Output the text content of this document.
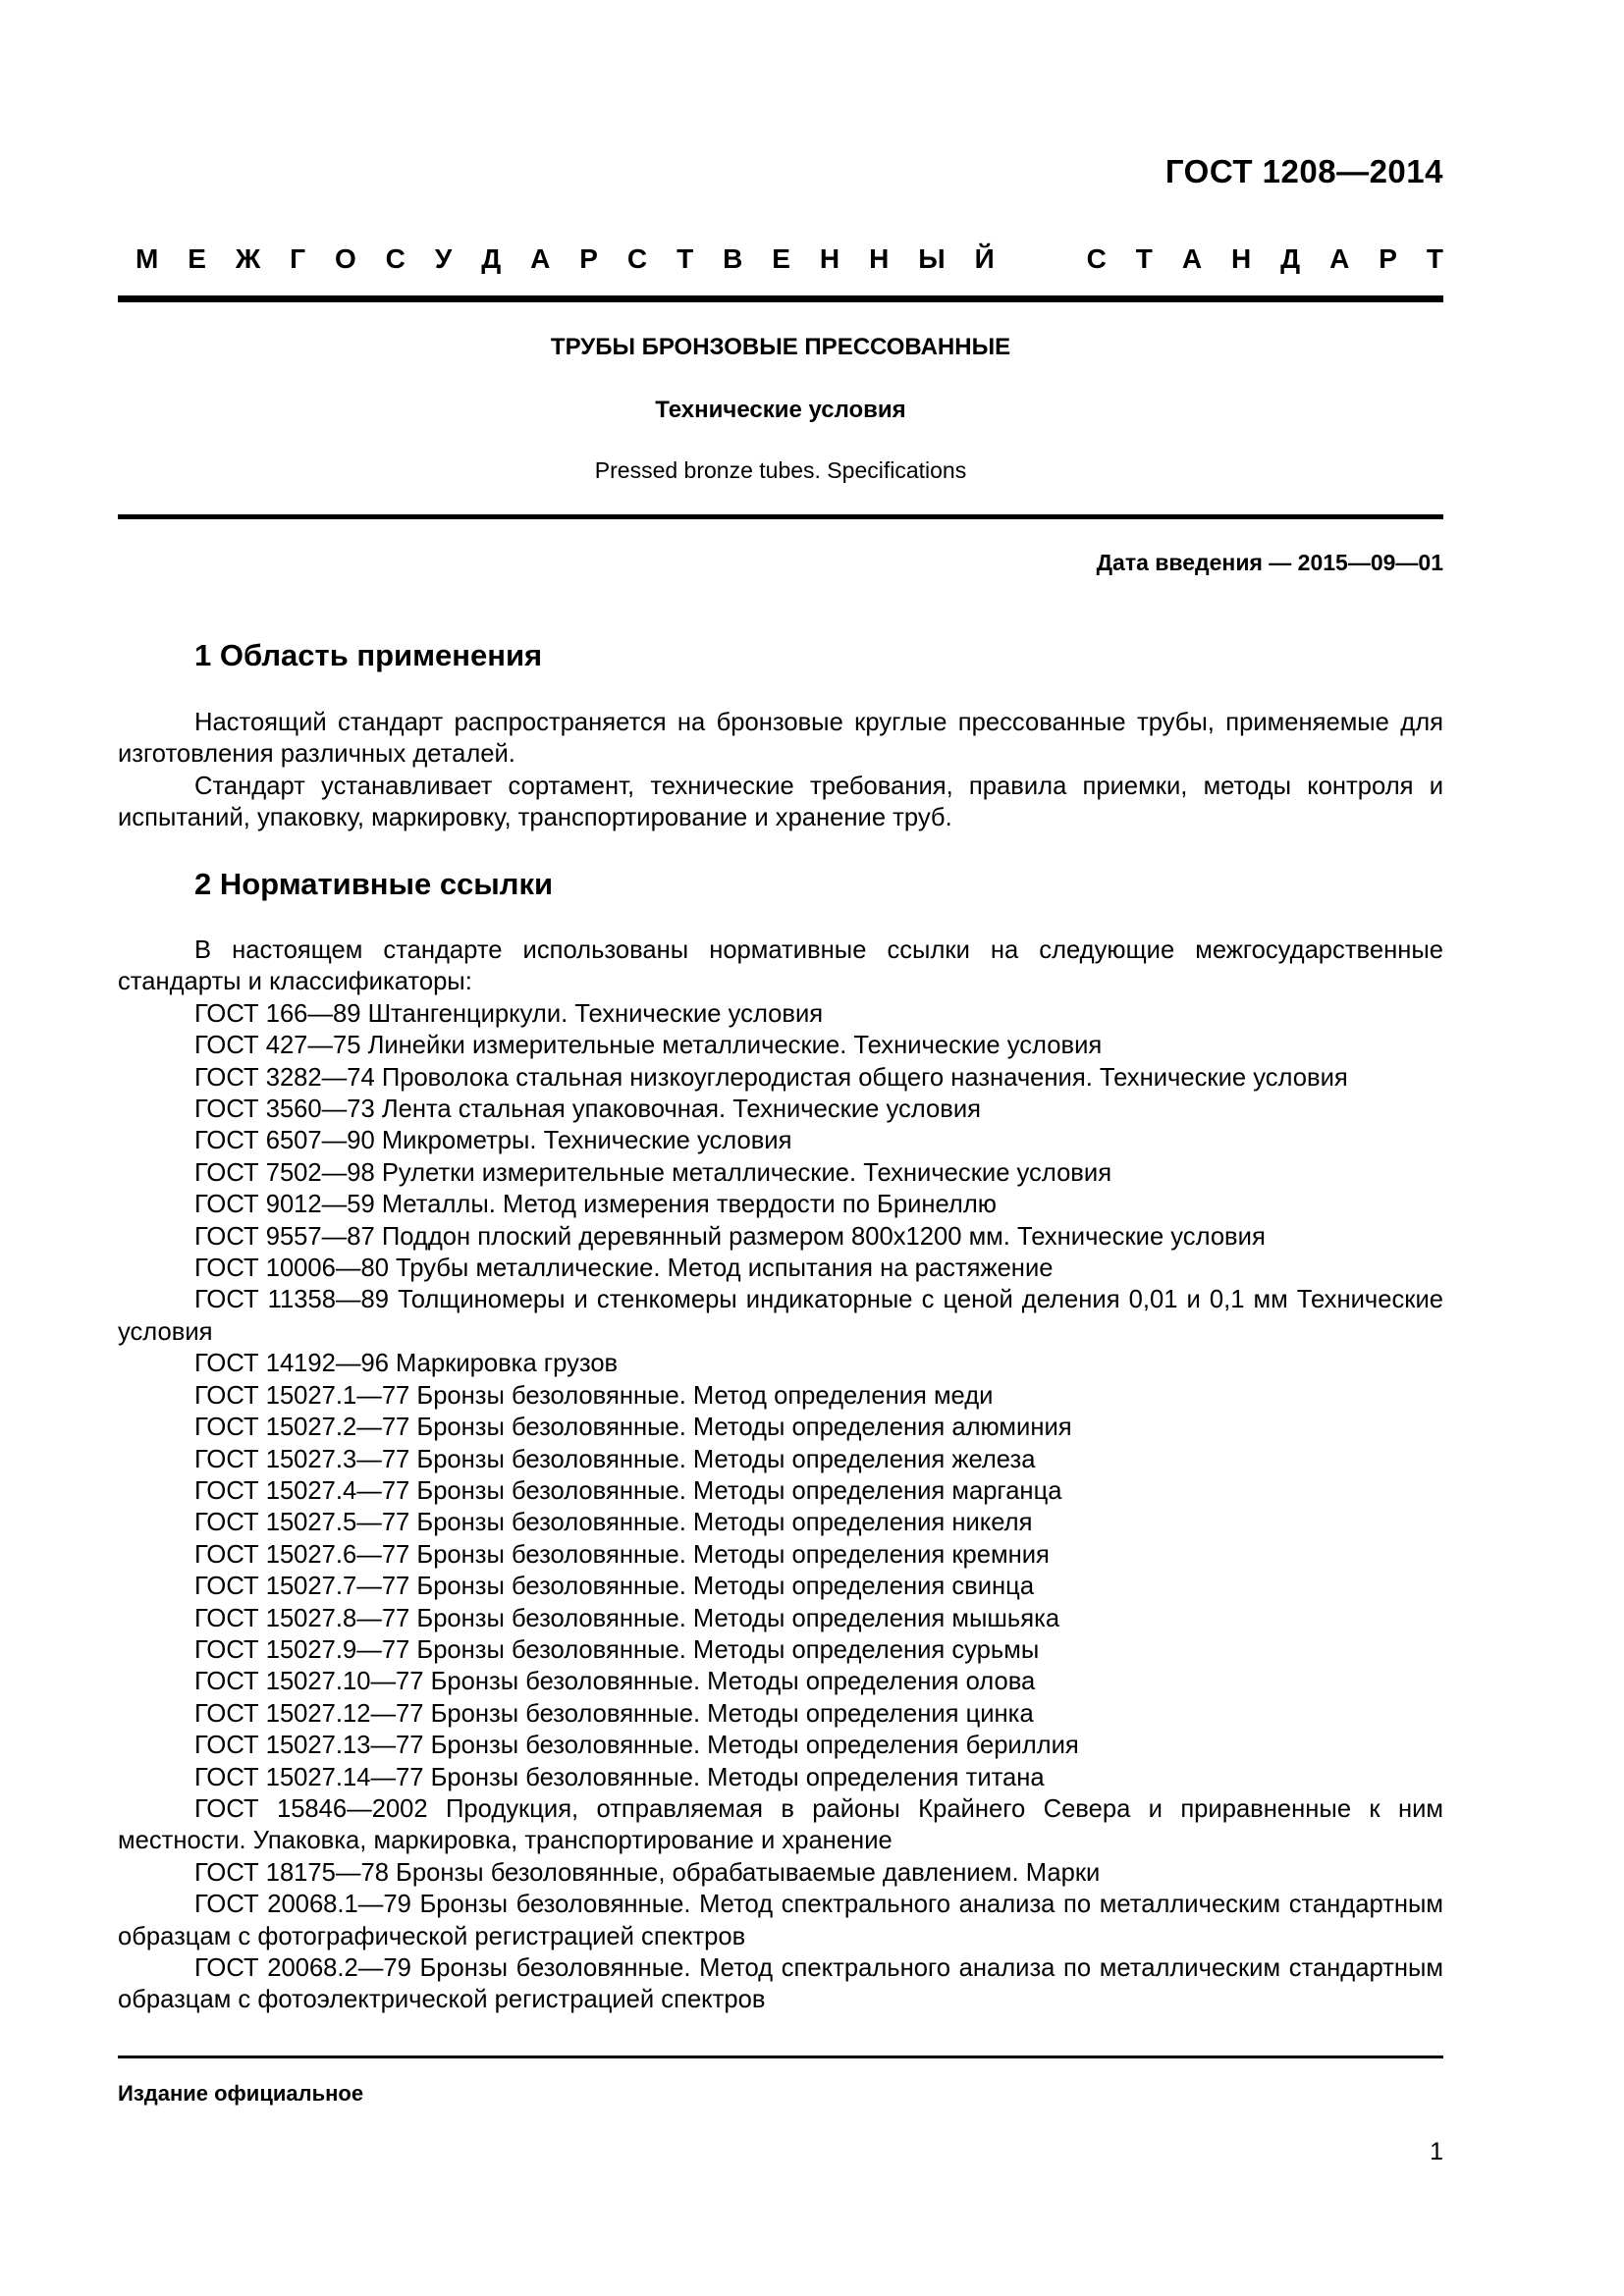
ГОСТ 1208—2014
М Е Ж Г О С У Д А Р С Т В Е Н Н Ы Й	С Т А Н Д А Р Т
ТРУБЫ БРОНЗОВЫЕ ПРЕССОВАННЫЕ
Технические условия
Pressed bronze tubes. Specifications
Дата введения — 2015—09—01
1 Область применения

Настоящий стандарт распространяется на бронзовые круглые прессованные трубы, применяемые для изготовления различных деталей.

Стандарт устанавливает сортамент, технические требования, правила приемки, методы контроля и испытаний, упаковку, маркировку, транспортирование и хранение труб.

2 Нормативные ссылки

В настоящем стандарте использованы нормативные ссылки на следующие межгосударственные стандарты и классификаторы:

ГОСТ 166—89 Штангенциркули. Технические условия

ГОСТ 427—75 Линейки измерительные металлические. Технические условия

ГОСТ 3282—74 Проволока стальная низкоуглеродистая общего назначения. Технические условия

ГОСТ 3560—73 Лента стальная упаковочная. Технические условия

ГОСТ 6507—90 Микрометры. Технические условия

ГОСТ 7502—98 Рулетки измерительные металлические. Технические условия

ГОСТ 9012—59 Металлы. Метод измерения твердости по Бринеллю

ГОСТ 9557—87 Поддон плоский деревянный размером 800х1200 мм. Технические условия

ГОСТ 10006—80 Трубы металлические. Метод испытания на растяжение

ГОСТ 11358—89 Толщиномеры и стенкомеры индикаторные с ценой деления 0,01 и 0,1 мм Технические условия

ГОСТ 14192—96 Маркировка грузов

ГОСТ 15027.1—77 Бронзы безоловянные. Метод определения меди

ГОСТ 15027.2—77 Бронзы безоловянные. Методы определения алюминия

ГОСТ 15027.3—77 Бронзы безоловянные. Методы определения железа

ГОСТ 15027.4—77 Бронзы безоловянные. Методы определения марганца

ГОСТ 15027.5—77 Бронзы безоловянные. Методы определения никеля

ГОСТ 15027.6—77 Бронзы безоловянные. Методы определения кремния

ГОСТ 15027.7—77 Бронзы безоловянные. Методы определения свинца

ГОСТ 15027.8—77 Бронзы безоловянные. Методы определения мышьяка

ГОСТ 15027.9—77 Бронзы безоловянные. Методы определения сурьмы

ГОСТ 15027.10—77 Бронзы безоловянные. Методы определения олова

ГОСТ 15027.12—77 Бронзы безоловянные. Методы определения цинка

ГОСТ 15027.13—77 Бронзы безоловянные. Методы определения бериллия

ГОСТ 15027.14—77 Бронзы безоловянные. Методы определения титана

ГОСТ 15846—2002 Продукция, отправляемая в районы Крайнего Севера и приравненные к ним местности. Упаковка, маркировка, транспортирование и хранение

ГОСТ 18175—78 Бронзы безоловянные, обрабатываемые давлением. Марки

ГОСТ 20068.1—79 Бронзы безоловянные. Метод спектрального анализа по металлическим стандартным образцам с фотографической регистрацией спектров

ГОСТ 20068.2—79 Бронзы безоловянные. Метод спектрального анализа по металлическим стандартным образцам с фотоэлектрической регистрацией спектров

Издание официальное
1
